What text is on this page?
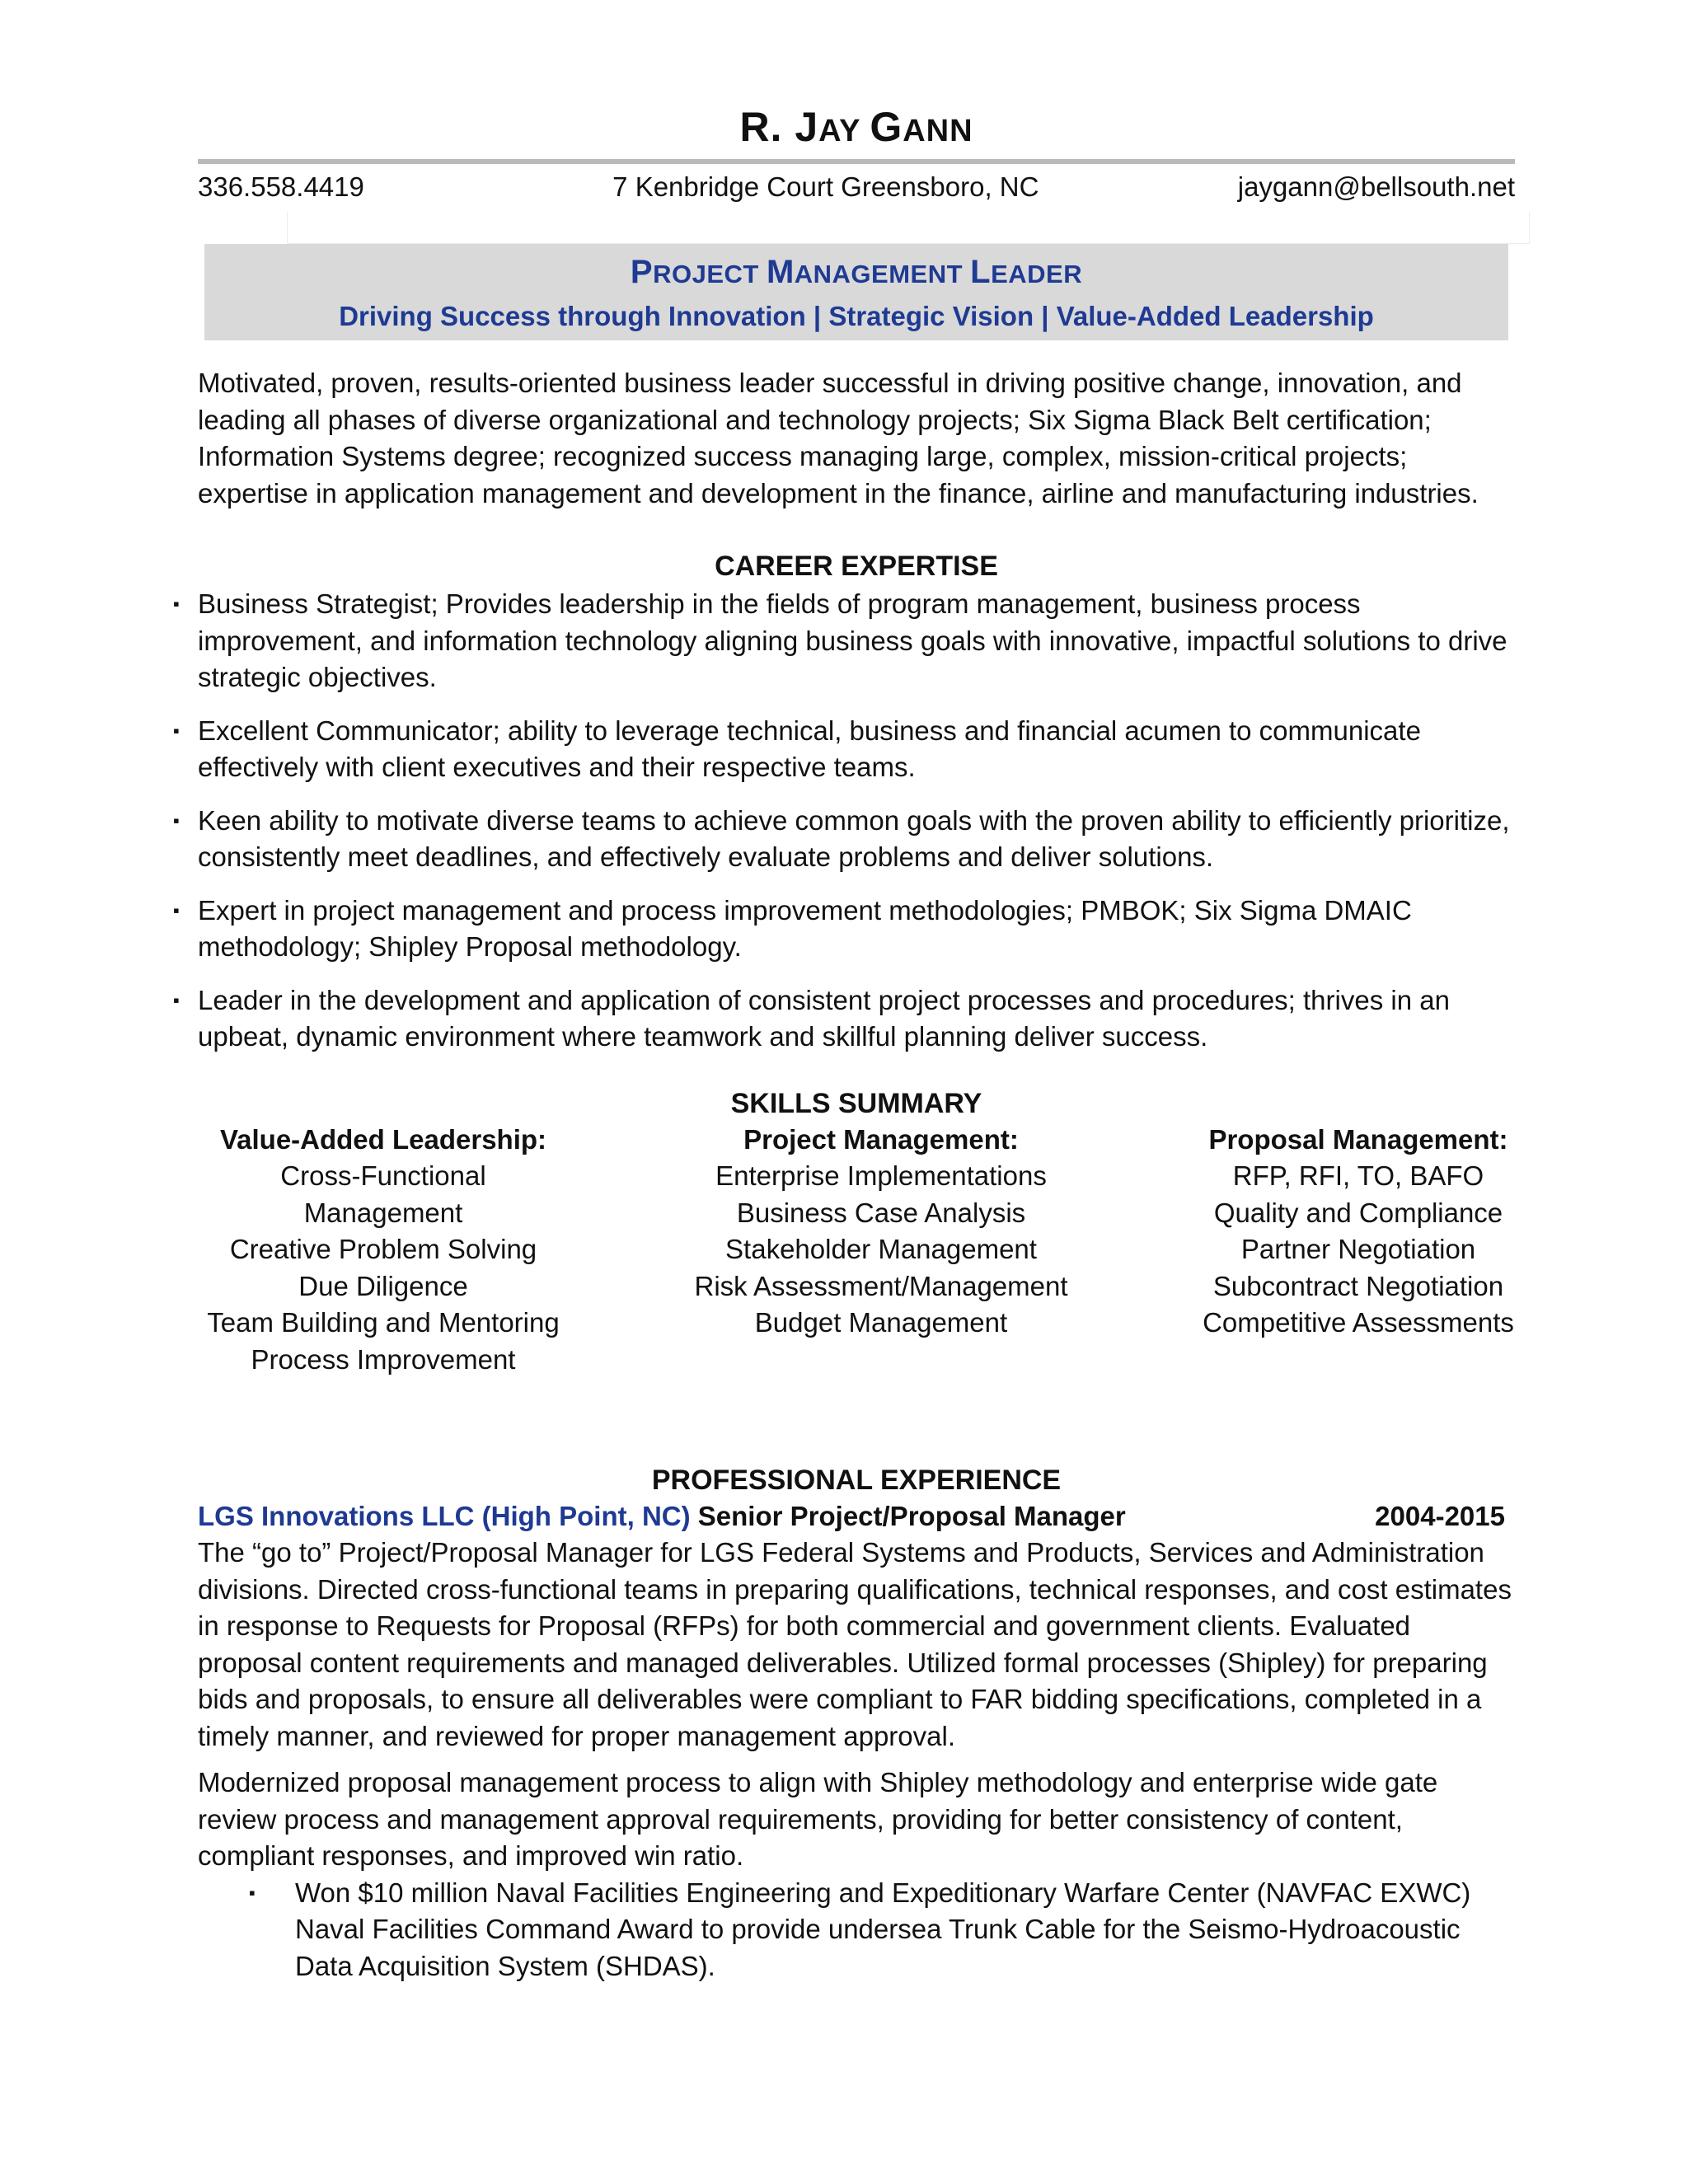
R. JAY GANN
336.558.4419	7 Kenbridge Court Greensboro, NC	jaygann@bellsouth.net
PROJECT MANAGEMENT LEADER
Driving Success through Innovation | Strategic Vision | Value-Added Leadership

Motivated, proven, results-oriented business leader successful in driving positive change, innovation, and leading all phases of diverse organizational and technology projects; Six Sigma Black Belt certification; Information Systems degree; recognized success managing large, complex, mission-critical projects; expertise in application management and development in the finance, airline and manufacturing industries.

CAREER EXPERTISE
▪ Business Strategist; Provides leadership in the fields of program management, business process improvement, and information technology aligning business goals with innovative, impactful solutions to drive strategic objectives.
▪ Excellent Communicator; ability to leverage technical, business and financial acumen to communicate effectively with client executives and their respective teams.
▪ Keen ability to motivate diverse teams to achieve common goals with the proven ability to efficiently prioritize, consistently meet deadlines, and effectively evaluate problems and deliver solutions.
▪ Expert in project management and process improvement methodologies; PMBOK; Six Sigma DMAIC methodology; Shipley Proposal methodology.
▪ Leader in the development and application of consistent project processes and procedures; thrives in an upbeat, dynamic environment where teamwork and skillful planning deliver success.
SKILLS SUMMARY
Value-Added Leadership:
Cross-Functional Management
Creative Problem Solving
Due Diligence
Team Building and Mentoring
Process Improvement
Project Management:
Enterprise Implementations
Business Case Analysis
Stakeholder Management
Risk Assessment/Management
Budget Management
Proposal Management:
RFP, RFI, TO, BAFO
Quality and Compliance
Partner Negotiation
Subcontract Negotiation
Competitive Assessments
PROFESSIONAL EXPERIENCE
LGS Innovations LLC (High Point, NC) Senior Project/Proposal Manager	2004-2015

The “go to” Project/Proposal Manager for LGS Federal Systems and Products, Services and Administration divisions. Directed cross-functional teams in preparing qualifications, technical responses, and cost estimates in response to Requests for Proposal (RFPs) for both commercial and government clients. Evaluated proposal content requirements and managed deliverables. Utilized formal processes (Shipley) for preparing bids and proposals, to ensure all deliverables were compliant to FAR bidding specifications, completed in a timely manner, and reviewed for proper management approval.

Modernized proposal management process to align with Shipley methodology and enterprise wide gate review process and management approval requirements, providing for better consistency of content, compliant responses, and improved win ratio.

▪ Won $10 million Naval Facilities Engineering and Expeditionary Warfare Center (NAVFAC EXWC) Naval Facilities Command Award to provide undersea Trunk Cable for the Seismo-Hydroacoustic Data Acquisition System (SHDAS).
